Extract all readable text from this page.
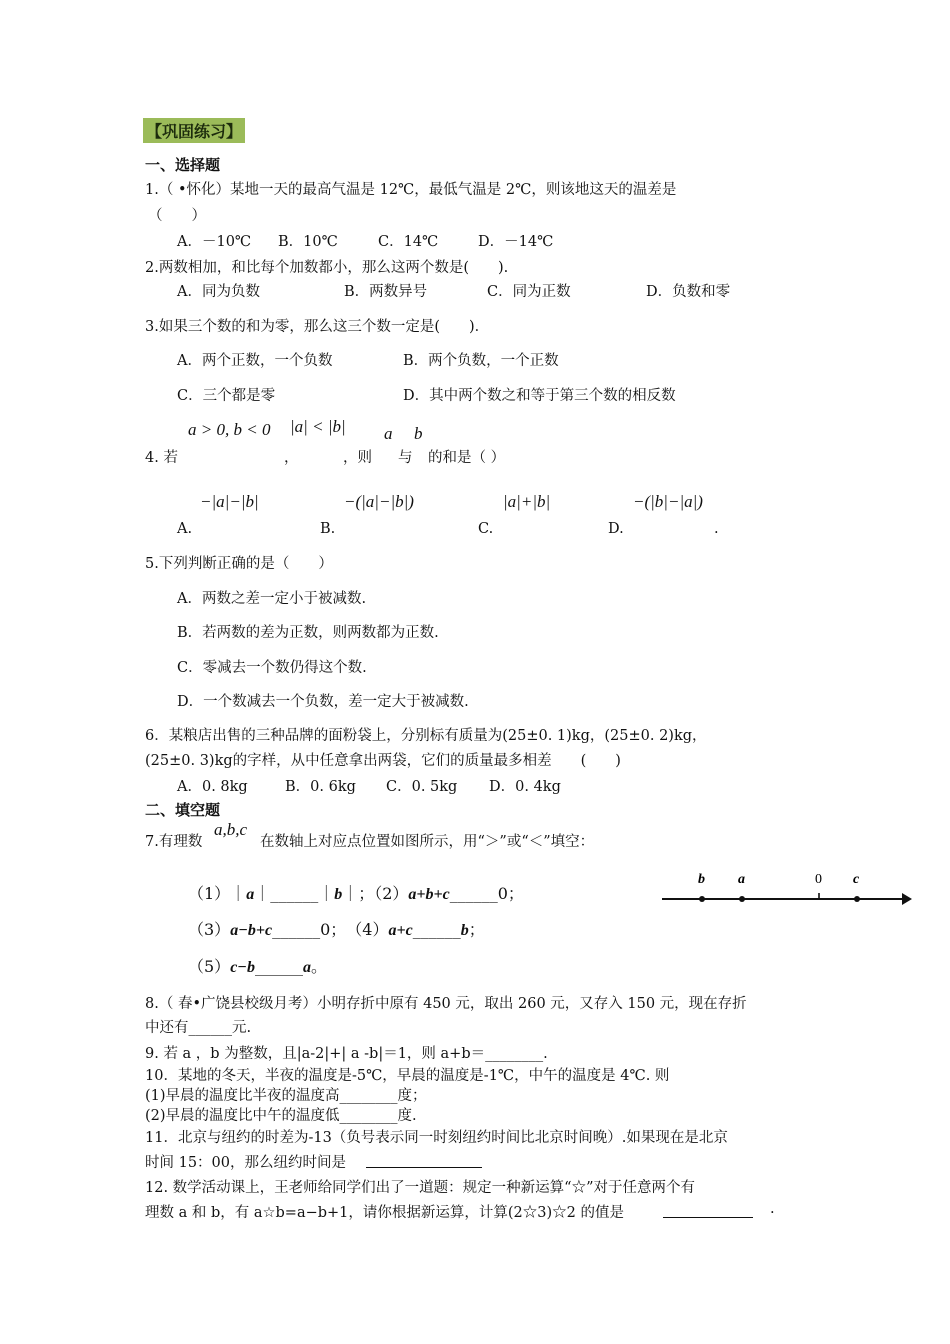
【巩固练习】
一、选择题
1.（ •怀化）某地一天的最高气温是 12℃，最低气温是 2℃，则该地这天的温差是
（　　）
A．－10℃ B．10℃	C．14℃	D．－14℃
2.两数相加，和比每个加数都小，那么这两个数是(　　).
A．同为负数	B．两数异号	C．同为正数	D．负数和零
3.如果三个数的和为零，那么这三个数一定是(　　)．
A．两个正数，一个负数	B．两个负数，一个正数
C．三个都是零	D．其中两个数之和等于第三个数的相反数
a > 0, b < 0 |a| < |b| a b
4. 若	，	，则 与 的和是（ ）
−|a|−|b|	−(|a|−|b|)	|a|+|b|	−(|b|−|a|)
A.	B.	C.	D.	.
5.下列判断正确的是（　　）
A．两数之差一定小于被减数.
B．若两数的差为正数，则两数都为正数.
C．零减去一个数仍得这个数.
D．一个数减去一个负数，差一定大于被减数.
6．某粮店出售的三种品牌的面粉袋上，分别标有质量为(25±0. 1)kg，(25±0. 2)kg，
(25±0. 3)kg的字样，从中任意拿出两袋，它们的质量最多相差　　(　　)
A．0. 8kg	B．0. 6kg C．0. 5kg D．0. 4kg
二、填空题
7.有理数
a,b,c
在数轴上对应点位置如图所示，用“＞”或“＜”填空：
（1）｜a｜______｜b｜；（2）a+b+c______0；
（3）a−b+c______0；　（4）a+c______b；
（5）c−b______a。
b a	0 c
8.（ 春•广饶县校级月考）小明存折中原有 450 元，取出 260 元，又存入 150 元，现在存折
中还有______元.
9. 若 a ，b 为整数，且|a-2|+| a -b|＝1，则 a+b＝________.
10．某地的冬天，半夜的温度是-5℃，早晨的温度是-1℃，中午的温度是 4℃. 则
(1)早晨的温度比半夜的温度高________度；
(2)早晨的温度比中午的温度低________度.
11．北京与纽约的时差为-13（负号表示同一时刻纽约时间比北京时间晚）.如果现在是北京
时间 15：00，那么纽约时间是
12. 数学活动课上，王老师给同学们出了一道题：规定一种新运算“☆”对于任意两个有
理数 a 和 b，有 a☆b=a−b+1，请你根据新运算，计算(2☆3)☆2 的值是	.
